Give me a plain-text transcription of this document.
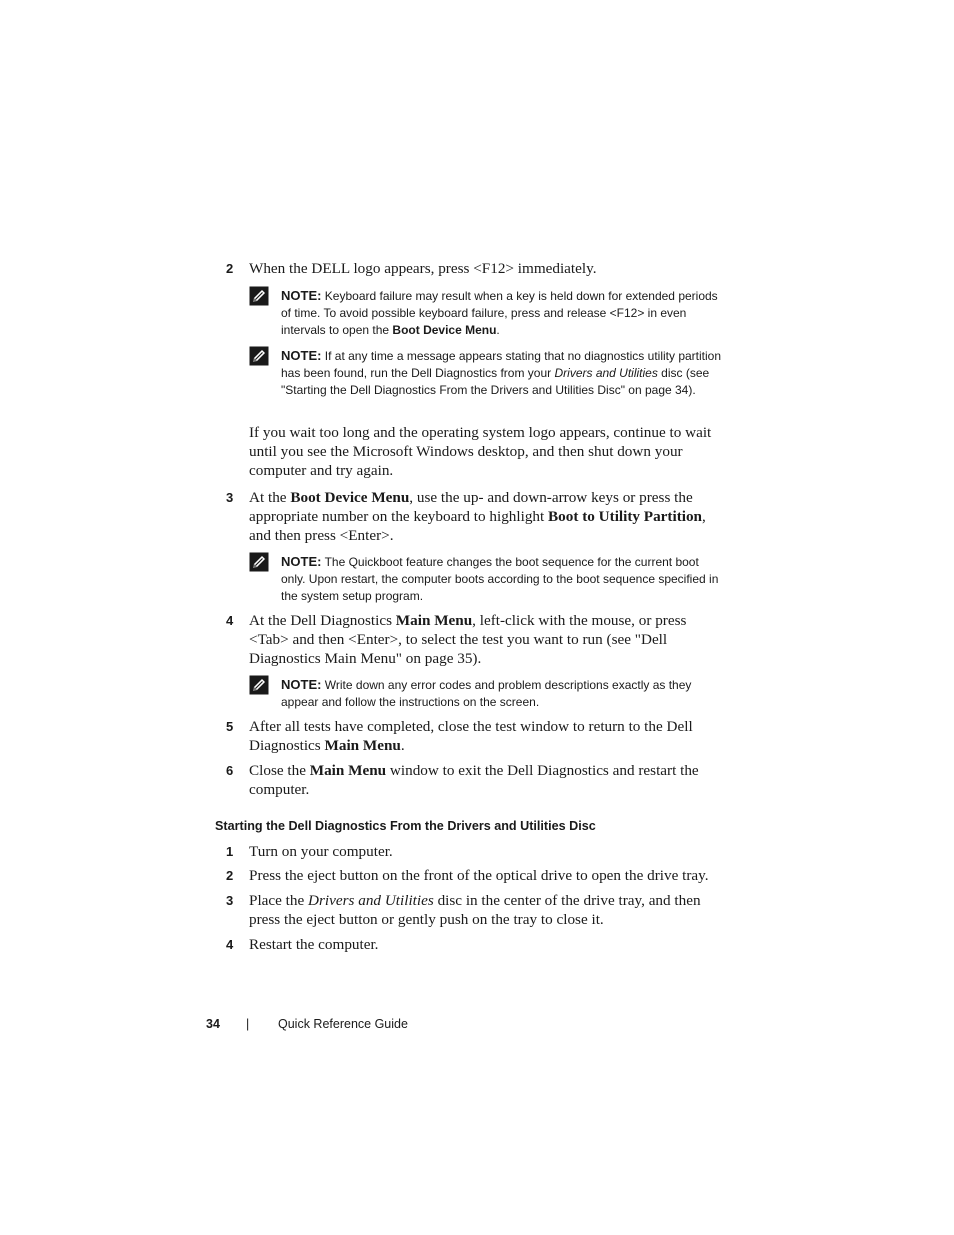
2	When the DELL logo appears, press <F12> immediately.
NOTE: Keyboard failure may result when a key is held down for extended periods of time. To avoid possible keyboard failure, press and release <F12> in even intervals to open the Boot Device Menu.
NOTE: If at any time a message appears stating that no diagnostics utility partition has been found, run the Dell Diagnostics from your Drivers and Utilities disc (see "Starting the Dell Diagnostics From the Drivers and Utilities Disc" on page 34).
If you wait too long and the operating system logo appears, continue to wait until you see the Microsoft Windows desktop, and then shut down your computer and try again.
3	At the Boot Device Menu, use the up- and down-arrow keys or press the appropriate number on the keyboard to highlight Boot to Utility Partition, and then press <Enter>.
NOTE: The Quickboot feature changes the boot sequence for the current boot only. Upon restart, the computer boots according to the boot sequence specified in the system setup program.
4	At the Dell Diagnostics Main Menu, left-click with the mouse, or press <Tab> and then <Enter>, to select the test you want to run (see "Dell Diagnostics Main Menu" on page 35).
NOTE: Write down any error codes and problem descriptions exactly as they appear and follow the instructions on the screen.
5	After all tests have completed, close the test window to return to the Dell Diagnostics Main Menu.
6	Close the Main Menu window to exit the Dell Diagnostics and restart the computer.
Starting the Dell Diagnostics From the Drivers and Utilities Disc
1	Turn on your computer.
2	Press the eject button on the front of the optical drive to open the drive tray.
3	Place the Drivers and Utilities disc in the center of the drive tray, and then press the eject button or gently push on the tray to close it.
4	Restart the computer.
34 | Quick Reference Guide
